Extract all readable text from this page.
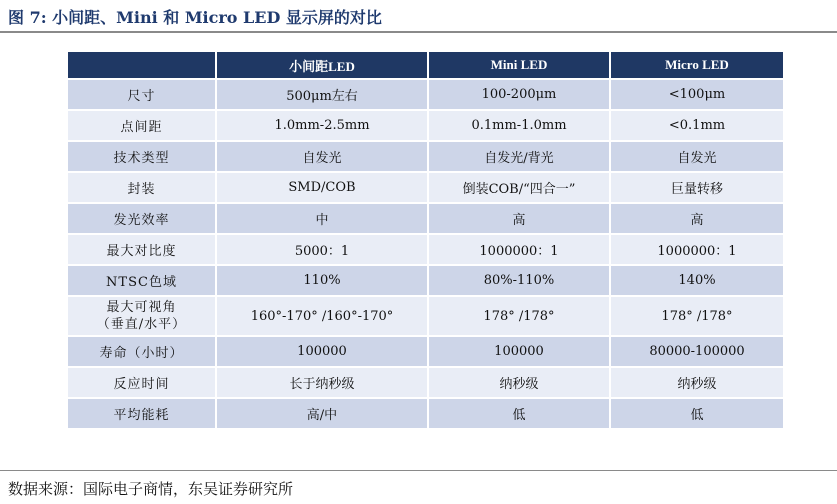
图 7: 小间距、Mini 和 Micro LED 显示屏的对比
	小间距LED	Mini LED	Micro LED
尺寸	500μm左右	100-200μm	<100μm
点间距	1.0mm-2.5mm	0.1mm-1.0mm	<0.1mm
技术类型	自发光	自发光/背光	自发光
封装	SMD/COB	倒装COB/“四合一”	巨量转移
发光效率	中	高	高
最大对比度	5000：1	1000000：1	1000000：1
NTSC色域	110%	80%-110%	140%

最大可视角
（垂直/水平）	160°-170° /160°-170°	178° /178°	178° /178°
寿命（小时）	100000	100000	80000-100000
反应时间	长于纳秒级	纳秒级	纳秒级
平均能耗	高/中	低	低
数据来源：国际电子商情，东吴证券研究所
